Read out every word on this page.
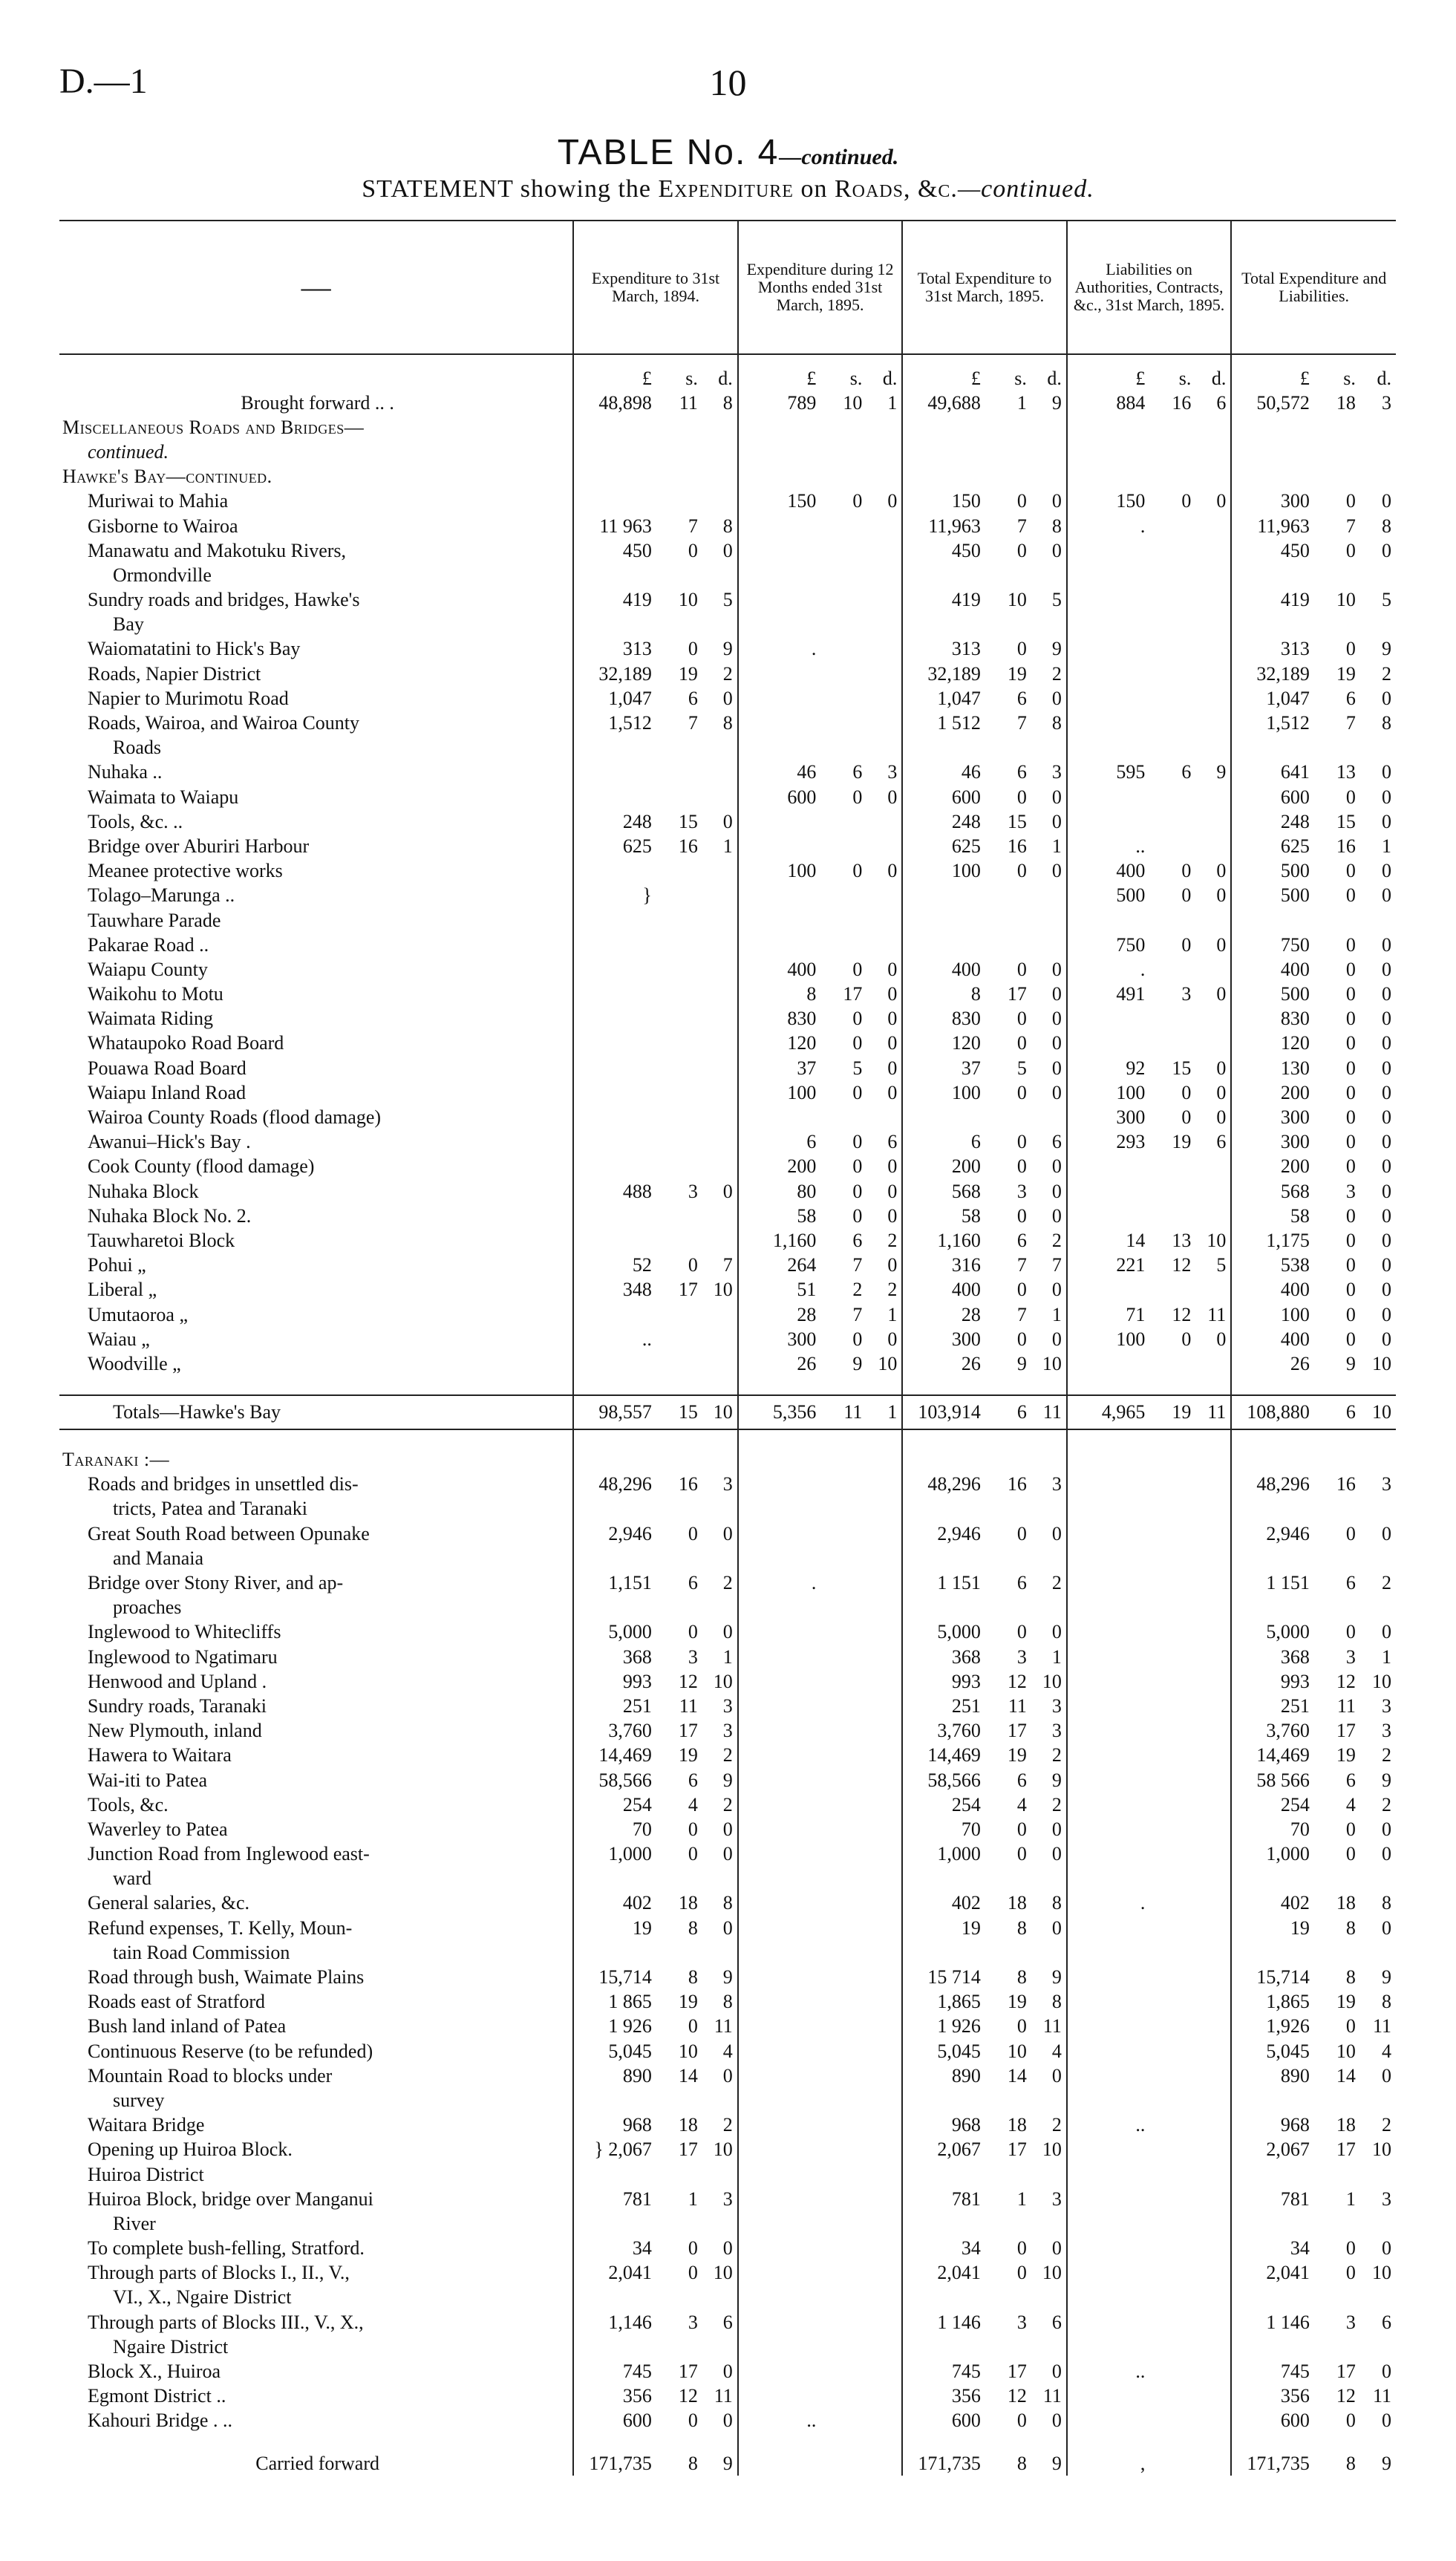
D.—1	10
TABLE No. 4—continued.
STATEMENT showing the Expenditure on Roads, &c.—continued.
—	Expenditure to 31st March, 1894.			Expenditure during 12 Months ended 31st March, 1895.			Total Expenditure to 31st March, 1895.			Liabilities on Authorities, Contracts, &c., 31st March, 1895.			Total Expenditure and Liabilities.		
	£	s.	d.	£	s.	d.	£	s.	d.	£	s.	d.	£	s.	d.
Brought forward .. .	48,898	11	8	789	10	1	49,688	1	9	884	16	6	50,572	18	3
Miscellaneous Roads and Bridges—															
continued.															
Hawke's Bay—continued.															
Muriwai to Mahia				150	0	0	150	0	0	150	0	0	300	0	0
Gisborne to Wairoa	11 963	7	8				11,963	7	8	.			11,963	7	8
Manawatu and Makotuku Rivers,	450	0	0				450	0	0				450	0	0
Ormondville															
Sundry roads and bridges, Hawke's	419	10	5				419	10	5				419	10	5
Bay															
Waiomatatini to Hick's Bay	313	0	9	.			313	0	9				313	0	9
Roads, Napier District	32,189	19	2				32,189	19	2				32,189	19	2
Napier to Murimotu Road	1,047	6	0				1,047	6	0				1,047	6	0
Roads, Wairoa, and Wairoa County	1,512	7	8				1 512	7	8				1,512	7	8
Roads															
Nuhaka ..				46	6	3	46	6	3	595	6	9	641	13	0
Waimata to Waiapu				600	0	0	600	0	0				600	0	0
Tools, &c. ..	248	15	0				248	15	0				248	15	0
Bridge over Aburiri Harbour	625	16	1				625	16	1	..			625	16	1
Meanee protective works				100	0	0	100	0	0	400	0	0	500	0	0
Tolago–Marunga ..	}									500	0	0	500	0	0
Tauwhare Parade															
Pakarae Road ..										750	0	0	750	0	0
Waiapu County				400	0	0	400	0	0	.			400	0	0
Waikohu to Motu				8	17	0	8	17	0	491	3	0	500	0	0
Waimata Riding				830	0	0	830	0	0				830	0	0
Whataupoko Road Board				120	0	0	120	0	0				120	0	0
Pouawa Road Board				37	5	0	37	5	0	92	15	0	130	0	0
Waiapu Inland Road				100	0	0	100	0	0	100	0	0	200	0	0
Wairoa County Roads (flood damage)										300	0	0	300	0	0
Awanui–Hick's Bay .				6	0	6	6	0	6	293	19	6	300	0	0
Cook County (flood damage)				200	0	0	200	0	0				200	0	0
Nuhaka Block	488	3	0	80	0	0	568	3	0				568	3	0
Nuhaka Block No. 2.				58	0	0	58	0	0				58	0	0
Tauwharetoi Block				1,160	6	2	1,160	6	2	14	13	10	1,175	0	0
Pohui „	52	0	7	264	7	0	316	7	7	221	12	5	538	0	0
Liberal „	348	17	10	51	2	2	400	0	0				400	0	0
Umutaoroa „				28	7	1	28	7	1	71	12	11	100	0	0
Waiau „	..			300	0	0	300	0	0	100	0	0	400	0	0
Woodville „				26	9	10	26	9	10				26	9	10

Totals—Hawke's Bay	98,557	15	10	5,356	11	1	103,914	6	11	4,965	19	11	108,880	6	10

Taranaki :—															
Roads and bridges in unsettled dis-	48,296	16	3				48,296	16	3				48,296	16	3
tricts, Patea and Taranaki															
Great South Road between Opunake	2,946	0	0				2,946	0	0				2,946	0	0
and Manaia															
Bridge over Stony River, and ap-	1,151	6	2	.			1 151	6	2				1 151	6	2
proaches															
Inglewood to Whitecliffs	5,000	0	0				5,000	0	0				5,000	0	0
Inglewood to Ngatimaru	368	3	1				368	3	1				368	3	1
Henwood and Upland .	993	12	10				993	12	10				993	12	10
Sundry roads, Taranaki	251	11	3				251	11	3				251	11	3
New Plymouth, inland	3,760	17	3				3,760	17	3				3,760	17	3
Hawera to Waitara	14,469	19	2				14,469	19	2				14,469	19	2
Wai-iti to Patea	58,566	6	9				58,566	6	9				58 566	6	9
Tools, &c.	254	4	2				254	4	2				254	4	2
Waverley to Patea	70	0	0				70	0	0				70	0	0
Junction Road from Inglewood east-	1,000	0	0				1,000	0	0				1,000	0	0
ward															
General salaries, &c.	402	18	8				402	18	8	.			402	18	8
Refund expenses, T. Kelly, Moun-	19	8	0				19	8	0				19	8	0
tain Road Commission															
Road through bush, Waimate Plains	15,714	8	9				15 714	8	9				15,714	8	9
Roads east of Stratford	1 865	19	8				1,865	19	8				1,865	19	8
Bush land inland of Patea	1 926	0	11				1 926	0	11				1,926	0	11
Continuous Reserve (to be refunded)	5,045	10	4				5,045	10	4				5,045	10	4
Mountain Road to blocks under	890	14	0				890	14	0				890	14	0
survey															
Waitara Bridge	968	18	2				968	18	2	..			968	18	2
Opening up Huiroa Block.	} 2,067	17	10				2,067	17	10				2,067	17	10
Huiroa District															
Huiroa Block, bridge over Manganui	781	1	3				781	1	3				781	1	3
River															
To complete bush-felling, Stratford.	34	0	0				34	0	0				34	0	0
Through parts of Blocks I., II., V.,	2,041	0	10				2,041	0	10				2,041	0	10
VI., X., Ngaire District															
Through parts of Blocks III., V., X.,	1,146	3	6				1 146	3	6				1 146	3	6
Ngaire District															
Block X., Huiroa	745	17	0				745	17	0	..			745	17	0
Egmont District ..	356	12	11				356	12	11				356	12	11
Kahouri Bridge . ..	600	0	0	..			600	0	0				600	0	0

Carried forward	171,735	8	9				171,735	8	9	,			171,735	8	9
